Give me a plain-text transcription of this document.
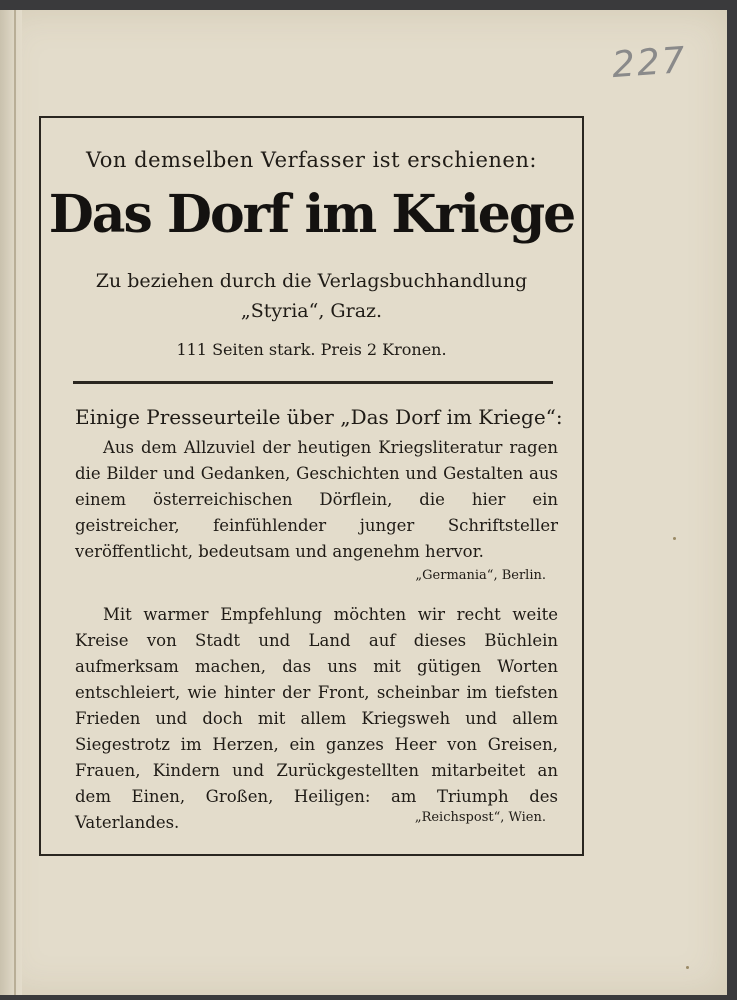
227
Von demselben Verfasser ist erschienen:
Das Dorf im Kriege
Zu beziehen durch die Verlagsbuchhandlung
„Styria“, Graz.
111 Seiten stark. Preis 2 Kronen.
Einige Presseurteile über „Das Dorf im Kriege“:
Aus dem Allzuviel der heutigen Kriegsliteratur ragen die Bilder und Gedanken, Geschichten und Gestalten aus einem österreichischen Dörflein, die hier ein geistreicher, feinfühlender junger Schriftsteller veröffentlicht, bedeutsam und angenehm hervor.
„Germania“, Berlin.
Mit warmer Empfehlung möchten wir recht weite Kreise von Stadt und Land auf dieses Büchlein aufmerksam machen, das uns mit gütigen Worten entschleiert, wie hinter der Front, scheinbar im tiefsten Frieden und doch mit allem Kriegsweh und allem Siegestrotz im Herzen, ein ganzes Heer von Greisen, Frauen, Kindern und Zurückgestellten mitarbeitet an dem Einen, Großen, Heiligen: am Triumph des Vaterlandes.	„Reichspost“, Wien.
